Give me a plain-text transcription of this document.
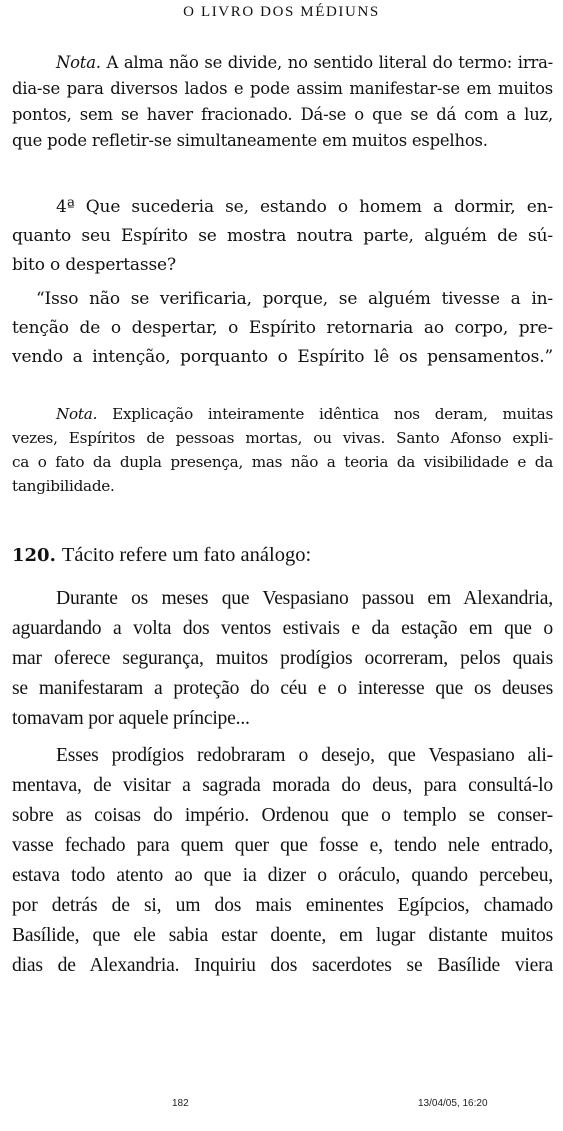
O LIVRO DOS MÉDIUNS
Nota. A alma não se divide, no sentido literal do termo: irra-
dia-se para diversos lados e pode assim manifestar-se em muitos
pontos, sem se haver fracionado. Dá-se o que se dá com a luz,
que pode refletir-se simultaneamente em muitos espelhos.
4ª Que sucederia se, estando o homem a dormir, en-
quanto seu Espírito se mostra noutra parte, alguém de sú-
bito o despertasse?
“Isso não se verificaria, porque, se alguém tivesse a in-
tenção de o despertar, o Espírito retornaria ao corpo, pre-
vendo a intenção, porquanto o Espírito lê os pensamentos.”
Nota. Explicação inteiramente idêntica nos deram, muitas
vezes, Espíritos de pessoas mortas, ou vivas. Santo Afonso expli-
ca o fato da dupla presença, mas não a teoria da visibilidade e da
tangibilidade.
120. Tácito refere um fato análogo:
Durante os meses que Vespasiano passou em Alexandria,
aguardando a volta dos ventos estivais e da estação em que o
mar oferece segurança, muitos prodígios ocorreram, pelos quais
se manifestaram a proteção do céu e o interesse que os deuses
tomavam por aquele príncipe...
Esses prodígios redobraram o desejo, que Vespasiano ali-
mentava, de visitar a sagrada morada do deus, para consultá-lo
sobre as coisas do império. Ordenou que o templo se conser-
vasse fechado para quem quer que fosse e, tendo nele entrado,
estava todo atento ao que ia dizer o oráculo, quando percebeu,
por detrás de si, um dos mais eminentes Egípcios, chamado
Basílide, que ele sabia estar doente, em lugar distante muitos
dias de Alexandria. Inquiriu dos sacerdotes se Basílide viera
182	13/04/05, 16:20
